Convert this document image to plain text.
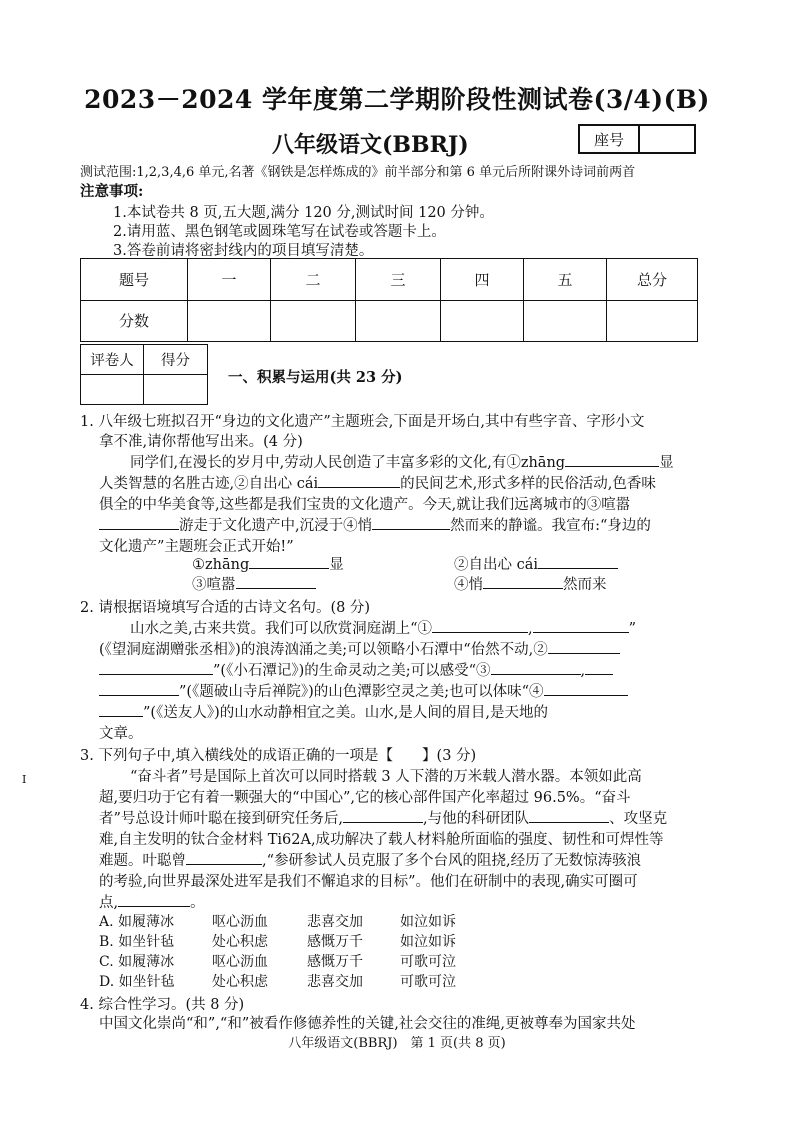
2023－2024 学年度第二学期阶段性测试卷(3/4)(B)
八年级语文(BBRJ)	座号
测试范围:1,2,3,4,6 单元,名著《钢铁是怎样炼成的》前半部分和第 6 单元后所附课外诗词前两首
注意事项:
1.本试卷共 8 页,五大题,满分 120 分,测试时间 120 分钟。
2.请用蓝、黑色钢笔或圆珠笔写在试卷或答题卡上。
3.答卷前请将密封线内的项目填写清楚。
题号	一	二	三	四	五	总分
分数						
评卷人	得分

一、积累与运用(共 23 分)
1. 八年级七班拟召开“身边的文化遗产”主题班会,下面是开场白,其中有些字音、字形小文
拿不准,请你帮他写出来。(4 分)
同学们,在漫长的岁月中,劳动人民创造了丰富多彩的文化,有①zhāng	显
人类智慧的名胜古迹,②自出心 cái	的民间艺术,形式多样的民俗活动,色香味
俱全的中华美食等,这些都是我们宝贵的文化遗产。今天,就让我们远离城市的③喧嚣
游走于文化遗产中,沉浸于④悄	然而来的静谧。我宣布:“身边的
文化遗产”主题班会正式开始!”
①zhāng	显	②自出心 cái
③喧嚣	④悄	然而来
2. 请根据语境填写合适的古诗文名句。(8 分)
山水之美,古来共赏。我们可以欣赏洞庭湖上“①	,	”
(《望洞庭湖赠张丞相》)的浪涛汹涌之美;可以领略小石潭中“佁然不动,②
”(《小石潭记》)的生命灵动之美;可以感受“③	,
”(《题破山寺后禅院》)的山色潭影空灵之美;也可以体味“④
”(《送友人》)的山水动静相宜之美。山水,是人间的眉目,是天地的
文章。
3. 下列句子中,填入横线处的成语正确的一项是【　　】(3 分)
“奋斗者”号是国际上首次可以同时搭载 3 人下潜的万米载人潜水器。本领如此高
超,要归功于它有着一颗强大的“中国心”,它的核心部件国产化率超过 96.5%。“奋斗
者”号总设计师叶聪在接到研究任务后,	,与他的科研团队	、攻坚克
难,自主发明的钛合金材料 Ti62A,成功解决了载人材料舱所面临的强度、韧性和可焊性等
难题。叶聪曾	,“参研参试人员克服了多个台风的阻挠,经历了无数惊涛骇浪
的考验,向世界最深处进军是我们不懈追求的目标”。他们在研制中的表现,确实可圈可
点,	。
A. 如履薄冰	呕心沥血	悲喜交加	如泣如诉
B. 如坐针毡	处心积虑	感慨万千	如泣如诉
C. 如履薄冰	呕心沥血	感慨万千	可歌可泣
D. 如坐针毡	处心积虑	悲喜交加	可歌可泣
4. 综合性学习。(共 8 分)
中国文化崇尚“和”,“和”被看作修德养性的关键,社会交往的准绳,更被尊奉为国家共处
八年级语文(BBRJ)　第 1 页(共 8 页)
I
